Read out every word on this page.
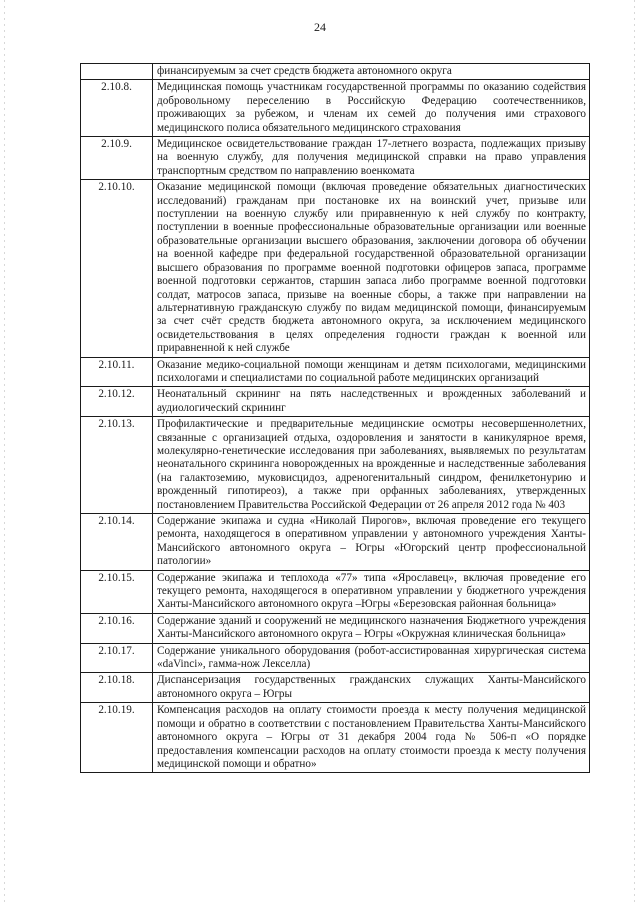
24
	финансируемым за счет средств бюджета автономного округа
2.10.8.	Медицинская помощь участникам государственной программы по оказанию содействия добровольному переселению в Российскую Федерацию соотечественников, проживающих за рубежом, и членам их семей до получения ими страхового медицинского полиса обязательного медицинского страхования
2.10.9.	Медицинское освидетельствование граждан 17-летнего возраста, подлежащих призыву на военную службу, для получения медицинской справки на право управления транспортным средством по направлению военкомата
2.10.10.	Оказание медицинской помощи (включая проведение обязательных диагностических исследований) гражданам при постановке их на воинский учет, призыве или поступлении на военную службу или приравненную к ней службу по контракту, поступлении в военные профессиональные образовательные организации или военные образовательные организации высшего образования, заключении договора об обучении на военной кафедре при федеральной государственной образовательной организации высшего образования по программе военной подготовки офицеров запаса, программе военной подготовки сержантов, старшин запаса либо программе военной подготовки солдат, матросов запаса, призыве на военные сборы, а также при направлении на альтернативную гражданскую службу по видам медицинской помощи, финансируемым за счет счёт средств бюджета автономного округа, за исключением медицинского освидетельствования в целях определения годности граждан к военной или приравненной к ней службе
2.10.11.	Оказание медико-социальной помощи женщинам и детям психологами, медицинскими психологами и специалистами по социальной работе медицинских организаций
2.10.12.	Неонатальный скрининг на пять наследственных и врожденных заболеваний и аудиологический скрининг
2.10.13.	Профилактические и предварительные медицинские осмотры несовершеннолетних, связанные с организацией отдыха, оздоровления и занятости в каникулярное время, молекулярно-генетические исследования при заболеваниях, выявляемых по результатам неонатального скрининга новорожденных на врожденные и наследственные заболевания (на галактоземию, муковисцидоз, адреногенитальный синдром, фенилкетонурию и врожденный гипотиреоз), а также при орфанных заболеваниях, утвержденных постановлением Правительства Российской Федерации от 26 апреля 2012 года № 403
2.10.14.	Содержание экипажа и судна «Николай Пирогов», включая проведение его текущего ремонта, находящегося в оперативном управлении у автономного учреждения Ханты-Мансийского автономного округа – Югры «Югорский центр профессиональной патологии»
2.10.15.	Содержание экипажа и теплохода «77» типа «Ярославец», включая проведение его текущего ремонта, находящегося в оперативном управлении у бюджетного учреждения Ханты-Мансийского автономного округа –Югры «Березовская районная больница»
2.10.16.	Содержание зданий и сооружений не медицинского назначения Бюджетного учреждения Ханты-Мансийского автономного округа – Югры «Окружная клиническая больница»
2.10.17.	Содержание уникального оборудования (робот-ассистированная хирургическая система «daVinci», гамма-нож Лекселла)
2.10.18.	Диспансеризация государственных гражданских служащих Ханты-Мансийского автономного округа – Югры
2.10.19.	Компенсация расходов на оплату стоимости проезда к месту получения медицинской помощи и обратно в соответствии с постановлением Правительства Ханты-Мансийского автономного округа – Югры от 31 декабря 2004 года № 506-п «О порядке предоставления компенсации расходов на оплату стоимости проезда к месту получения медицинской помощи и обратно»
